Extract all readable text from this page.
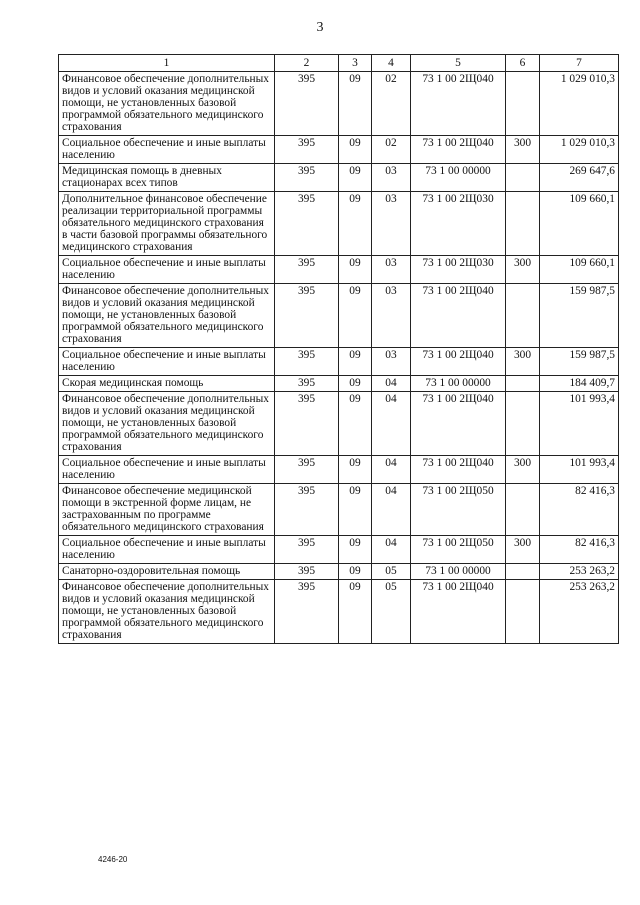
3
1	2	3	4	5	6	7
Финансовое обеспечение дополнительных видов и условий оказания медицинской помощи, не установленных базовой программой обязательного медицинского страхования	395	09	02	73 1 00 2Щ040		1 029 010,3
Социальное обеспечение и иные выплаты населению	395	09	02	73 1 00 2Щ040	300	1 029 010,3
Медицинская помощь в дневных стационарах всех типов	395	09	03	73 1 00 00000		269 647,6
Дополнительное финансовое обеспечение реализации территориальной программы обязательного медицинского страхования в части базовой программы обязательного медицинского страхования	395	09	03	73 1 00 2Щ030		109 660,1
Социальное обеспечение и иные выплаты населению	395	09	03	73 1 00 2Щ030	300	109 660,1
Финансовое обеспечение дополнительных видов и условий оказания медицинской помощи, не установленных базовой программой обязательного медицинского страхования	395	09	03	73 1 00 2Щ040		159 987,5
Социальное обеспечение и иные выплаты населению	395	09	03	73 1 00 2Щ040	300	159 987,5
Скорая медицинская помощь	395	09	04	73 1 00 00000		184 409,7
Финансовое обеспечение дополнительных видов и условий оказания медицинской помощи, не установленных базовой программой обязательного медицинского страхования	395	09	04	73 1 00 2Щ040		101 993,4
Социальное обеспечение и иные выплаты населению	395	09	04	73 1 00 2Щ040	300	101 993,4
Финансовое обеспечение медицинской помощи в экстренной форме лицам, не застрахованным по программе обязательного медицинского страхования	395	09	04	73 1 00 2Щ050		82 416,3
Социальное обеспечение и иные выплаты населению	395	09	04	73 1 00 2Щ050	300	82 416,3
Санаторно-оздоровительная помощь	395	09	05	73 1 00 00000		253 263,2
Финансовое обеспечение дополнительных видов и условий оказания медицинской помощи, не установленных базовой программой обязательного медицинского страхования	395	09	05	73 1 00 2Щ040		253 263,2
4246-20
